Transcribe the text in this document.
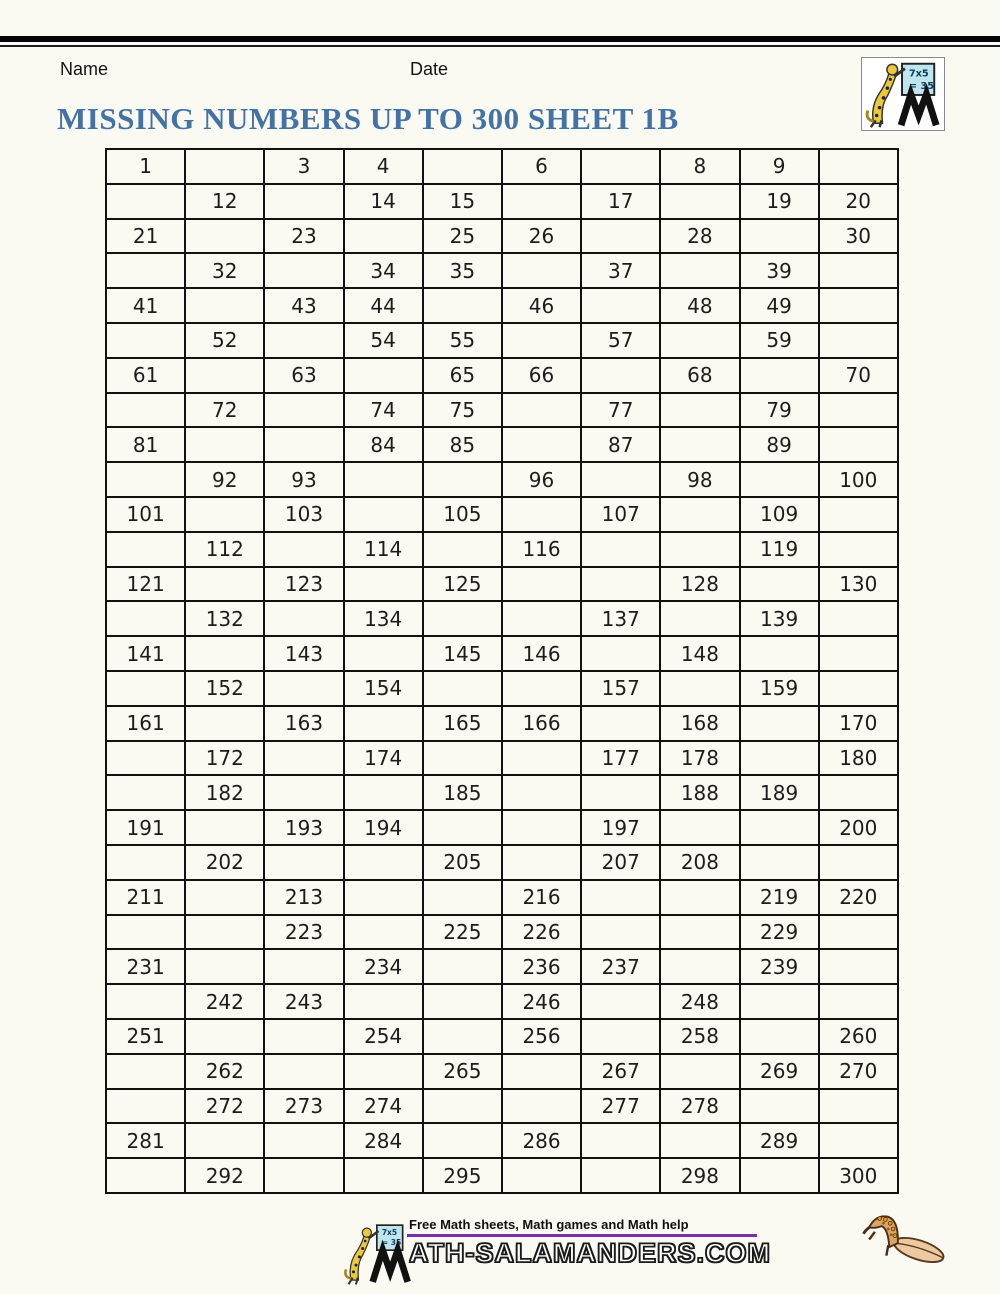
Name	Date	7x5
= 35
MISSING NUMBERS UP TO 300 SHEET 1B
1		3	4		6		8	9	
	12		14	15		17		19	20
21		23		25	26		28		30
	32		34	35		37		39	
41		43	44		46		48	49	
	52		54	55		57		59	
61		63		65	66		68		70
	72		74	75		77		79	
81			84	85		87		89	
	92	93			96		98		100
101		103		105		107		109	
	112		114		116			119	
121		123		125			128		130
	132		134			137		139	
141		143		145	146		148		
	152		154			157		159	
161		163		165	166		168		170
	172		174			177	178		180
	182			185			188	189	
191		193	194			197			200
	202			205		207	208		
211		213			216			219	220
		223		225	226			229	
231			234		236	237		239	
	242	243			246		248		
251			254		256		258		260
	262			265		267		269	270
	272	273	274			277	278		
281			284		286			289	
	292			295			298		300
7x5
= 35
Free Math sheets, Math games and Math help
ATH-SALAMANDERS.COM
